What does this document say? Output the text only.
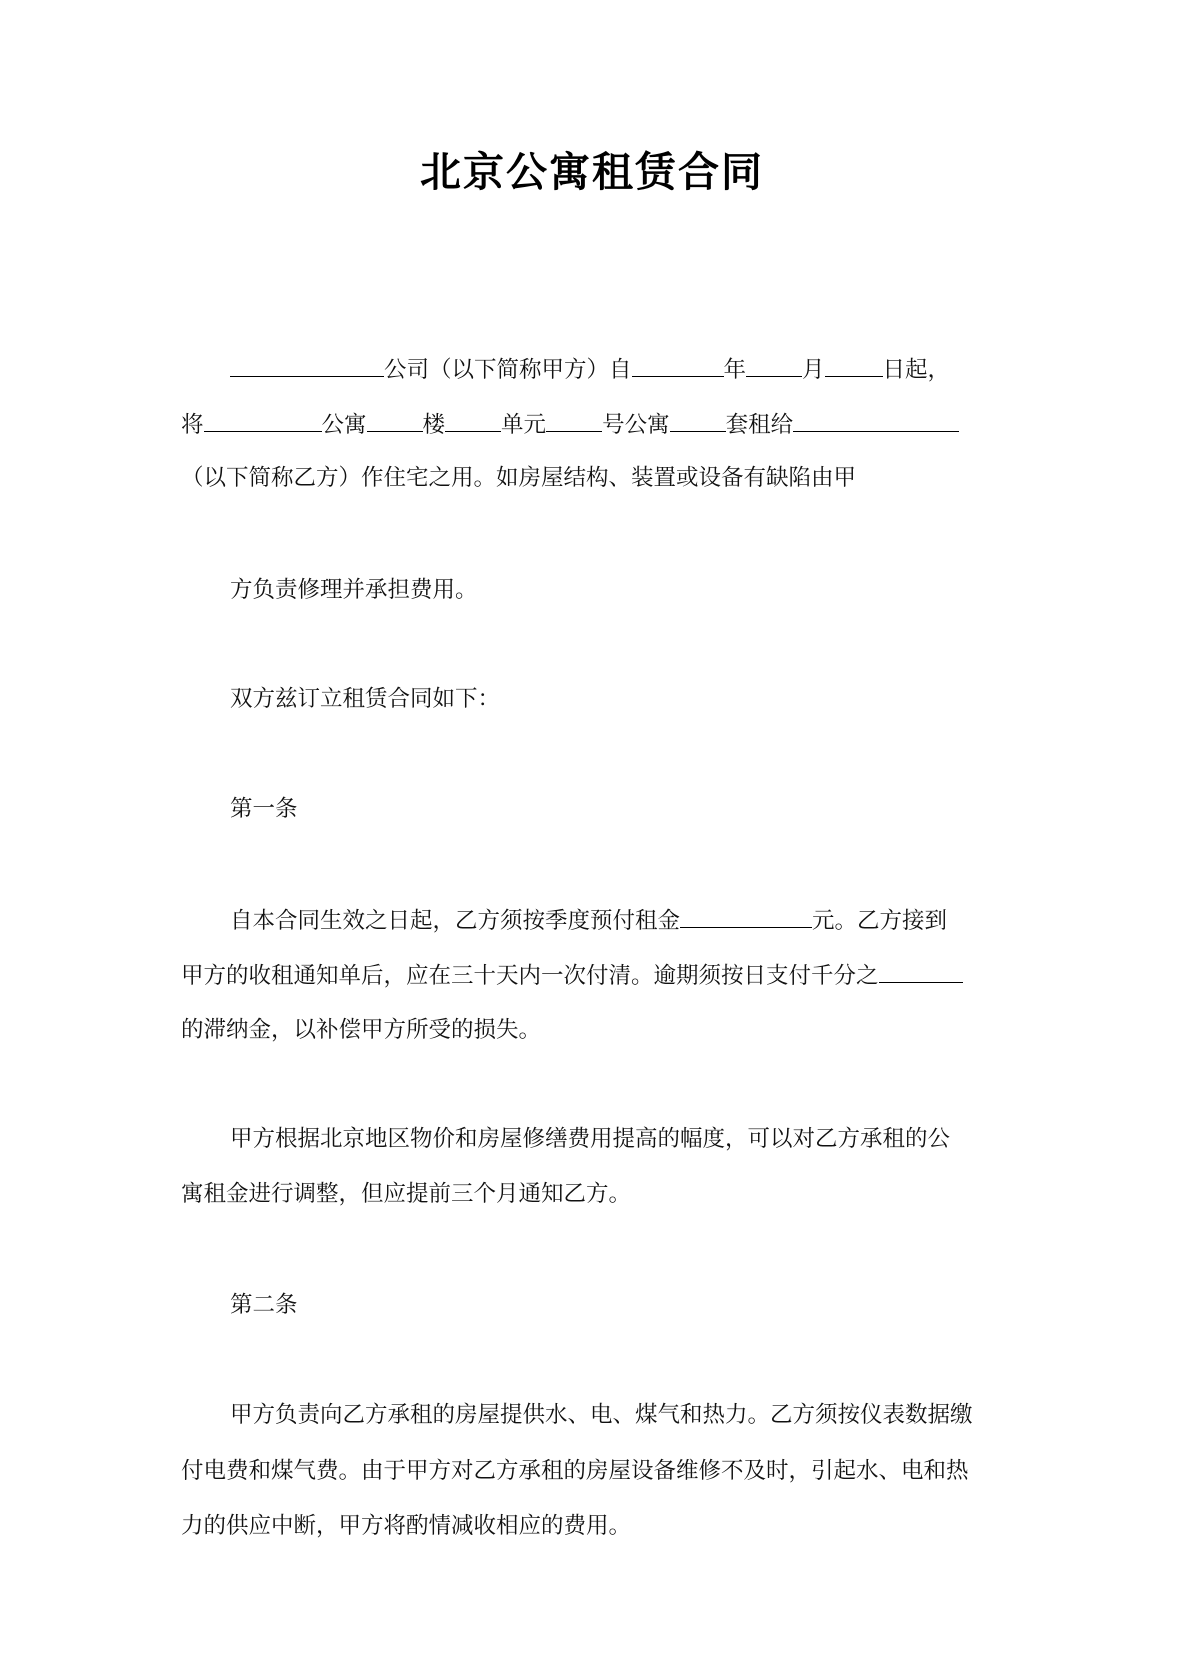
北京公寓租赁合同
公司（以下简称甲方）自	年 月	日起，
将	公寓 楼 单元 号公寓 套租给
（以下简称乙方）作住宅之用。如房屋结构、装置或设备有缺陷由甲
方负责修理并承担费用。
双方兹订立租赁合同如下：
第一条
自本合同生效之日起，乙方须按季度预付租金	元。乙方接到
甲方的收租通知单后，应在三十天内一次付清。逾期须按日支付千分之
的滞纳金，以补偿甲方所受的损失。
甲方根据北京地区物价和房屋修缮费用提高的幅度，可以对乙方承租的公
寓租金进行调整，但应提前三个月通知乙方。
第二条
甲方负责向乙方承租的房屋提供水、电、煤气和热力。乙方须按仪表数据缴
付电费和煤气费。由于甲方对乙方承租的房屋设备维修不及时，引起水、电和热
力的供应中断，甲方将酌情减收相应的费用。
